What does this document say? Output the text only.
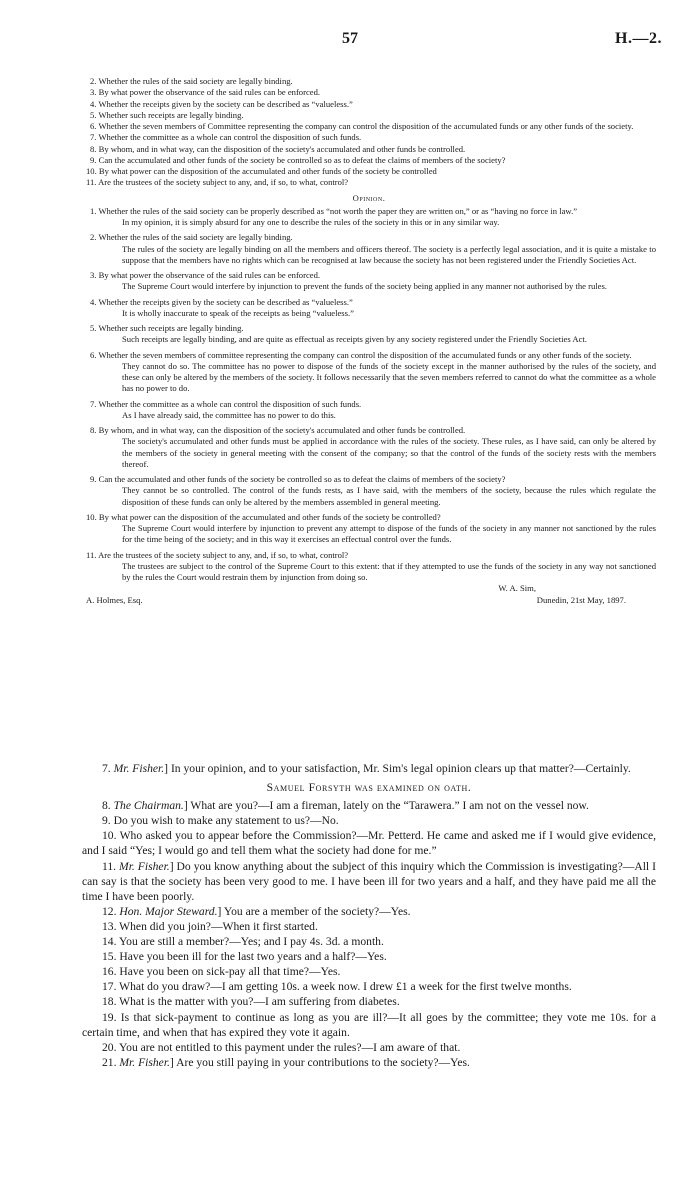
57	H.—2.

2. Whether the rules of the said society are legally binding.

3. By what power the observance of the said rules can be enforced.

4. Whether the receipts given by the society can be described as “valueless.”

5. Whether such receipts are legally binding.

6. Whether the seven members of Committee representing the company can control the disposition of the accumulated funds or any other funds of the society.

7. Whether the committee as a whole can control the disposition of such funds.

8. By whom, and in what way, can the disposition of the society's accumulated and other funds be controlled.

9. Can the accumulated and other funds of the society be controlled so as to defeat the claims of members of the society?

10. By what power can the disposition of the accumulated and other funds of the society be controlled

11. Are the trustees of the society subject to any, and, if so, to what, control?

Opinion.

1. Whether the rules of the said society can be properly described as “not worth the paper they are written on,” or as “having no force in law.”

In my opinion, it is simply absurd for any one to describe the rules of the society in this or in any similar way.

2. Whether the rules of the said society are legally binding.

The rules of the society are legally binding on all the members and officers thereof. The society is a perfectly legal association, and it is quite a mistake to suppose that the members have no rights which can be recognised at law because the society has not been registered under the Friendly Societies Act.

3. By what power the observance of the said rules can be enforced.

The Supreme Court would interfere by injunction to prevent the funds of the society being applied in any manner not authorised by the rules.

4. Whether the receipts given by the society can be described as “valueless.”

It is wholly inaccurate to speak of the receipts as being “valueless.”

5. Whether such receipts are legally binding.

Such receipts are legally binding, and are quite as effectual as receipts given by any society registered under the Friendly Societies Act.

6. Whether the seven members of committee representing the company can control the disposition of the accumulated funds or any other funds of the society.

They cannot do so. The committee has no power to dispose of the funds of the society except in the manner authorised by the rules of the society, and these can only be altered by the members of the society. It follows necessarily that the seven members referred to cannot do what the committee as a whole has no power to do.

7. Whether the committee as a whole can control the disposition of such funds.

As I have already said, the committee has no power to do this.

8. By whom, and in what way, can the disposition of the society's accumulated and other funds be controlled.

The society's accumulated and other funds must be applied in accordance with the rules of the society. These rules, as I have said, can only be altered by the members of the society in general meeting with the consent of the company; so that the control of the funds of the society rests with the members thereof.

9. Can the accumulated and other funds of the society be controlled so as to defeat the claims of members of the society?

They cannot be so controlled. The control of the funds rests, as I have said, with the members of the society, because the rules which regulate the disposition of these funds can only be altered by the members assembled in general meeting.

10. By what power can the disposition of the accumulated and other funds of the society be controlled?

The Supreme Court would interfere by injunction to prevent any attempt to dispose of the funds of the society in any manner not sanctioned by the rules for the time being of the society; and in this way it exercises an effectual control over the funds.

11. Are the trustees of the society subject to any, and, if so, to what, control?

The trustees are subject to the control of the Supreme Court to this extent: that if they attempted to use the funds of the society in any way not sanctioned by the rules the Court would restrain them by injunction from doing so.

W. A. Sim,
A. Holmes, Esq.	Dunedin, 21st May, 1897.

7. Mr. Fisher.] In your opinion, and to your satisfaction, Mr. Sim's legal opinion clears up that matter?—Certainly.

Samuel Forsyth was examined on oath.

8. The Chairman.] What are you?—I am a fireman, lately on the “Tarawera.” I am not on the vessel now.

9. Do you wish to make any statement to us?—No.

10. Who asked you to appear before the Commission?—Mr. Petterd. He came and asked me if I would give evidence, and I said “Yes; I would go and tell them what the society had done for me.”

11. Mr. Fisher.] Do you know anything about the subject of this inquiry which the Commission is investigating?—All I can say is that the society has been very good to me. I have been ill for two years and a half, and they have paid me all the time I have been poorly.

12. Hon. Major Steward.] You are a member of the society?—Yes.

13. When did you join?—When it first started.

14. You are still a member?—Yes; and I pay 4s. 3d. a month.

15. Have you been ill for the last two years and a half?—Yes.

16. Have you been on sick-pay all that time?—Yes.

17. What do you draw?—I am getting 10s. a week now. I drew £1 a week for the first twelve months.

18. What is the matter with you?—I am suffering from diabetes.

19. Is that sick-payment to continue as long as you are ill?—It all goes by the committee; they vote me 10s. for a certain time, and when that has expired they vote it again.

20. You are not entitled to this payment under the rules?—I am aware of that.

21. Mr. Fisher.] Are you still paying in your contributions to the society?—Yes.
